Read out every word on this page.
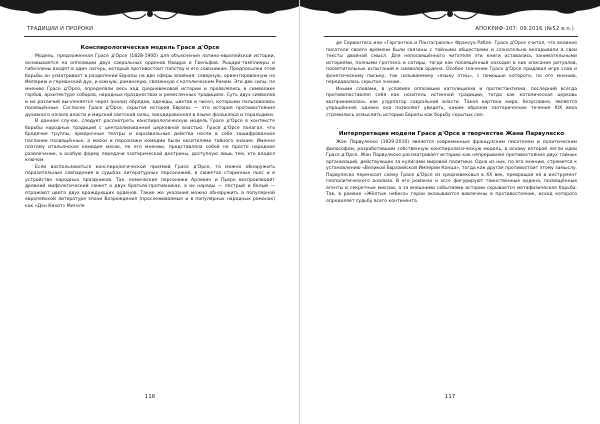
ТРАДИЦИИ И ПРОРОКИ
Конспирологическая модель Грасе д'Орсе

Модель, предложенная Грасе д'Орсе (1828-1900) для объяснения латино-европейской истории, основывается на оппозиции двух сакральных орденов Квадра и Гвельфов. Рыцари-тамплиеры и гибеллины входят в один лагерь, который противостоит папству и его союзникам. Предпосылки этой борьбы он усматривает в разделении Европы на две сферы влияния: северную, ориентированную на Империю и германский дух, и южную, романскую, связанную с католическим Римом. Эти две силы, по мнению Грасе д'Орсе, определяли весь ход средневековой истории и проявлялись в символике гербов, архитектуре соборов, народных празднествах и ремесленных традициях. Суть двух символов и их различий вычленяется через анализ обрядов, одежды, цветов и чисел, которыми пользовались посвящённые. Согласно Грасе д'Орсе, скрытая история Европы — это история противостояния духовного начала власти и мирской светской силы, закодированная в языке фольклора и геральдики.

В данном случае, следует рассмотреть конспирологическую модель Грасе д'Орсе в контексте борьбы народных традиций с централизованной церковной властью. Грасе д'Орсе полагал, что бродячие труппы, ярмарочные театры и карнавальные действа несли в себе зашифрованное послание посвящённых, а маски и персонажи комедии были носителями тайного знания. Именно поэтому итальянская комедия масок, по его мнению, представляла собой не просто народное развлечение, а особую форму передачи эзотерической доктрины, доступную лишь тем, кто владел ключом.

Если воспользоваться конспирологической призмой Грасе д'Орсе, то можно обнаружить поразительные совпадения в судьбах литературных персонажей, в сюжетах старинных пьес и в устройстве народных праздников. Так, комические персонажи Арлекин и Пьеро воспроизводят древний мифологический сюжет о двух братьях-противниках, а их наряды — пестрый и белый — отражают цвета двух враждующих орденов. Такие же указания можно обнаружить в популярной европейской литературе эпохи Возрождения (прослеживаемые и в популярных народных романах) как «Дон Кихот» Мигеля

116
АПОКРИФ-107: 09.2016 (№52 e.n.)

де Сервантеса или «Гаргантюа и Пантагрюэль» Франсуа Рабле. Грасе д'Орсе считал, что великие писатели своего времени были связаны с тайными обществами и сознательно вкладывали в свои тексты двойной смысл. Для непосвящённого читателя эти книги оставались занимательными историями, полными гротеска и сатиры, тогда как посвящённый находил в них описание ритуалов, посвятительных испытаний и символов ордена. Особое значение Грасе д'Орсе придавал игре слов и фонетическому письму, так называемому «языку птиц», с помощью которого, по его мнению, передавалось скрытое знание.

Иными словами, в условиях оппозиции католицизма и протестантизма, последний всегда противопоставлял себя как носитель истинной традиции, тогда как католическая церковь воспринималась как узурпатор сакральной власти. Такая картина мира, безусловно, является упрощённой, однако она позволяет увидеть, каким образом эзотерические течения XIX века стремились осмыслить историю Европы как борьбу скрытых сил.

Интерпретация модели Грасе д'Орсе в творчестве Жана Парвулеско

Жан Парвулеско (1929-2010) является современным французским писателем и политическим философом, разработавшим собственную конспирологическую модель, в основу которой легли идеи Грасе д'Орсе. Жан Парвулеско рассматривает историю как непрерывное противостояние двух тайных организаций, действующих за кулисами мировой политики. Одна из них, по его мнению, стремится к установлению «Великой Евразийской Империи Конца», тогда как другая противостоит этому замыслу. Парвулеско переносит схему Грасе д'Орсе из средневековья в XX век, превращая её в инструмент геополитического анализа. В его романах и эссе фигурируют таинственные ордена, посвящённые агенты и секретные миссии, а за внешними событиями истории скрывается метафизическая борьба. Так, в романе «Жёлтые небеса» герои оказываются вовлечены в противостояние, исход которого определяет судьбу всего континента.

117
